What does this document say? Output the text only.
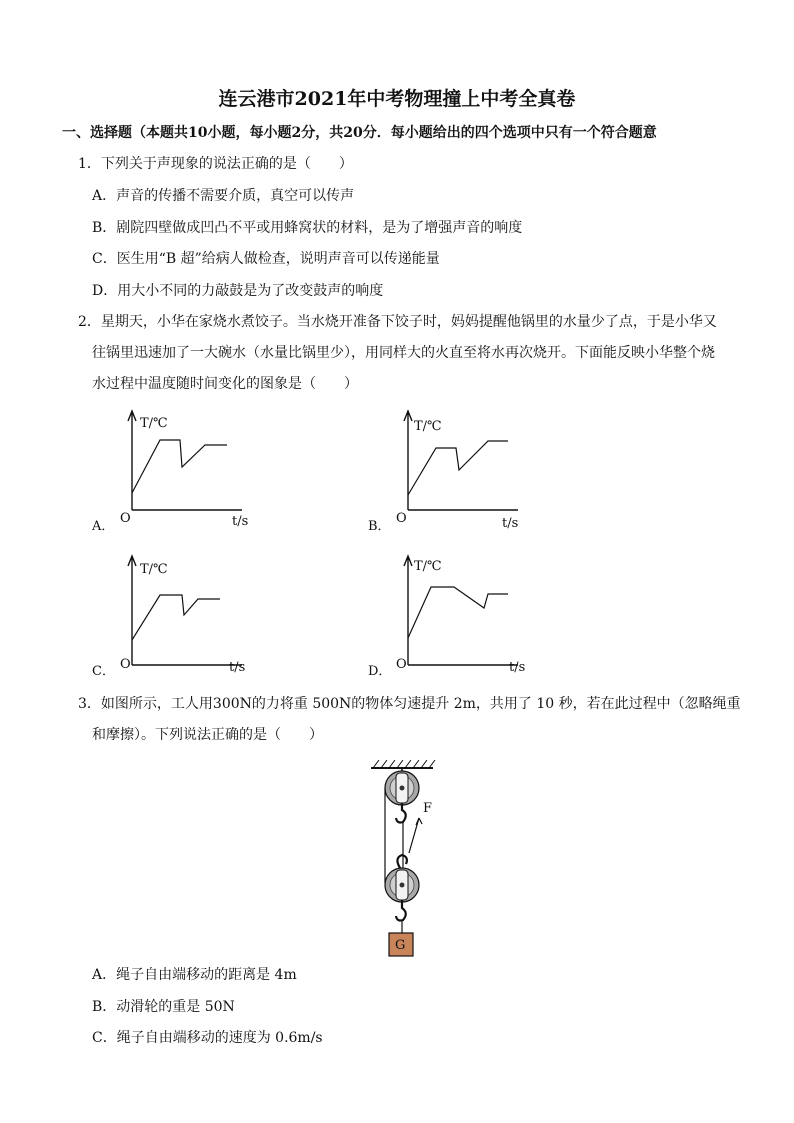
连云港市2021年中考物理撞上中考全真卷
一、选择题（本题共10小题，每小题2分，共20分．每小题给出的四个选项中只有一个符合题意
1．下列关于声现象的说法正确的是（　　）
A．声音的传播不需要介质，真空可以传声
B．剧院四壁做成凹凸不平或用蜂窝状的材料，是为了增强声音的响度
C．医生用“B 超”给病人做检查，说明声音可以传递能量
D．用大小不同的力敲鼓是为了改变鼓声的响度
2．星期天，小华在家烧水煮饺子。当水烧开准备下饺子时，妈妈提醒他锅里的水量少了点，于是小华又
往锅里迅速加了一大碗水（水量比锅里少），用同样大的火直至将水再次烧开。下面能反映小华整个烧
水过程中温度随时间变化的图象是（　　）
A．
T/℃
O	t/s	B．
T/℃
O	t/s
C．
T/℃
O	t/s	D．
T/℃
O	t/s
3．如图所示，工人用300N的力将重 500N的物体匀速提升 2m，共用了 10 秒，若在此过程中（忽略绳重
和摩擦）。下列说法正确的是（　　）
F
G
A．绳子自由端移动的距离是 4m
B．动滑轮的重是 50N
C．绳子自由端移动的速度为 0.6m/s
